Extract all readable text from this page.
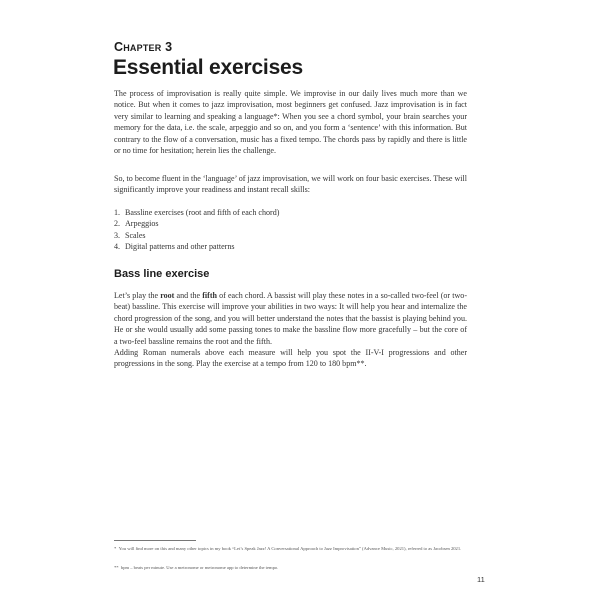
Chapter 3
Essential exercises

The process of improvisation is really quite simple. We improvise in our daily lives much more than we notice. But when it comes to jazz improvisation, most beginners get confused. Jazz improvisation is in fact very similar to learning and speaking a language*: When you see a chord symbol, your brain searches your memory for the data, i.e. the scale, arpeggio and so on, and you form a ‘sentence’ with this information. But contrary to the flow of a conversation, music has a fixed tempo. The chords pass by rapidly and there is little or no time for hesitation; herein lies the challenge.

So, to become fluent in the ‘language’ of jazz improvisation, we will work on four basic exercises. These will significantly improve your readiness and instant recall skills:

1. Bassline exercises (root and fifth of each chord)
2. Arpeggios
3. Scales
4. Digital patterns and other patterns
Bass line exercise

Let’s play the root and the fifth of each chord. A bassist will play these notes in a so-called two-feel (or two-beat) bassline. This exercise will improve your abilities in two ways: It will help you hear and internalize the chord progression of the song, and you will better understand the notes that the bassist is playing behind you. He or she would usually add some passing tones to make the bassline flow more gracefully – but the core of a two-feel bassline remains the root and the fifth.
Adding Roman numerals above each measure will help you spot the II-V-I progressions and other progressions in the song. Play the exercise at a tempo from 120 to 180 bpm**.

* You will find more on this and many other topics in my book “Let’s Speak Jazz! A Conversational Approach to Jazz Improvisation” (Advance Music, 2021), referred to as Jacobsen 2021.

** bpm – beats per minute. Use a metronome or metronome app to determine the tempo.

11
